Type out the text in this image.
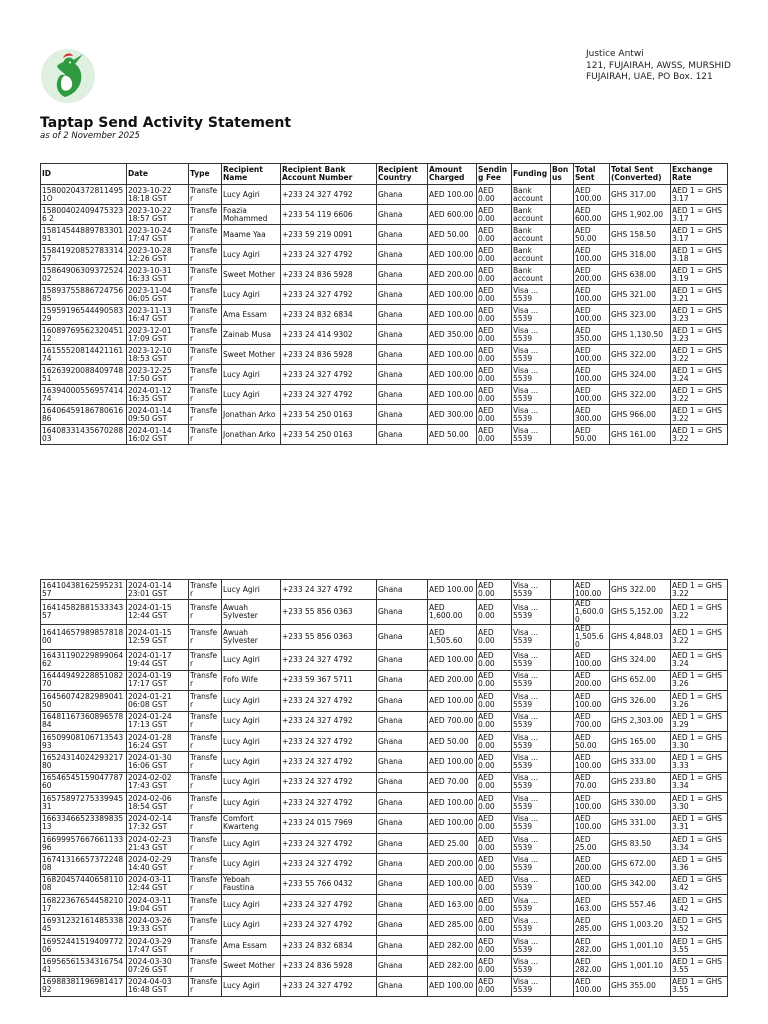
Justice Antwi
121, FUJAIRAH, AWSS, MURSHID
FUJAIRAH, UAE, PO Box. 121
Taptap Send Activity Statement
as of 2 November 2025
ID	Date	Type	Recipient Name	Recipient Bank Account Number	Recipient Country	Amount Charged	Sending Fee	Funding	Bonus	Total Sent	Total Sent (Converted)	Exchange Rate
158002043728114951O	2023-10-22 18:18 GST	Transfer	Lucy Agiri	+233 24 327 4792	Ghana	AED 100.00	AED 0.00	Bank account		AED 100.00	GHS 317.00	AED 1 = GHS 3.17
158004024094753236 2	2023-10-22 18:57 GST	Transfer	Foazia Mohammed	+233 54 119 6606	Ghana	AED 600.00	AED 0.00	Bank account		AED 600.00	GHS 1,902.00	AED 1 = GHS 3.17
1581454488978330191	2023-10-24 17:47 GST	Transfer	Maame Yaa	+233 59 219 0091	Ghana	AED 50.00	AED 0.00	Bank account		AED 50.00	GHS 158.50	AED 1 = GHS 3.17
1584192085278331457	2023-10-28 12:26 GST	Transfer	Lucy Agiri	+233 24 327 4792	Ghana	AED 100.00	AED 0.00	Bank account		AED 100.00	GHS 318.00	AED 1 = GHS 3.18
1586490630937252402	2023-10-31 16:33 GST	Transfer	Sweet Mother	+233 24 836 5928	Ghana	AED 200.00	AED 0.00	Bank account		AED 200.00	GHS 638.00	AED 1 = GHS 3.19
1589375588672475685	2023-11-04 06:05 GST	Transfer	Lucy Agiri	+233 24 327 4792	Ghana	AED 100.00	AED 0.00	Visa ... 5539		AED 100.00	GHS 321.00	AED 1 = GHS 3.21
1595919654449058329	2023-11-13 16:47 GST	Transfer	Ama Essam	+233 24 832 6834	Ghana	AED 100.00	AED 0.00	Visa ... 5539		AED 100.00	GHS 323.00	AED 1 = GHS 3.23
1608976956232045112	2023-12-01 17:09 GST	Transfer	Zainab Musa	+233 24 414 9302	Ghana	AED 350.00	AED 0.00	Visa ... 5539		AED 350.00	GHS 1,130.50	AED 1 = GHS 3.23
1615552081442116174	2023-12-10 18:53 GST	Transfer	Sweet Mother	+233 24 836 5928	Ghana	AED 100.00	AED 0.00	Visa ... 5539		AED 100.00	GHS 322.00	AED 1 = GHS 3.22
1626392008840974851	2023-12-25 17:50 GST	Transfer	Lucy Agiri	+233 24 327 4792	Ghana	AED 100.00	AED 0.00	Visa ... 5539		AED 100.00	GHS 324.00	AED 1 = GHS 3.24
1639400055695741474	2024-01-12 16:35 GST	Transfer	Lucy Agiri	+233 24 327 4792	Ghana	AED 100.00	AED 0.00	Visa ... 5539		AED 100.00	GHS 322.00	AED 1 = GHS 3.22
1640645918678061686	2024-01-14 09:50 GST	Transfer	Jonathan Arko	+233 54 250 0163	Ghana	AED 300.00	AED 0.00	Visa ... 5539		AED 300.00	GHS 966.00	AED 1 = GHS 3.22
1640833143567028803	2024-01-14 16:02 GST	Transfer	Jonathan Arko	+233 54 250 0163	Ghana	AED 50.00	AED 0.00	Visa ... 5539		AED 50.00	GHS 161.00	AED 1 = GHS 3.22
1641043816259523157	2024-01-14 23:01 GST	Transfer	Lucy Agiri	+233 24 327 4792	Ghana	AED 100.00	AED 0.00	Visa ... 5539		AED 100.00	GHS 322.00	AED 1 = GHS 3.22
1641458288153334357	2024-01-15 12:44 GST	Transfer	Awuah Sylvester	+233 55 856 0363	Ghana	AED 1,600.00	AED 0.00	Visa ... 5539		AED 1,600.00	GHS 5,152.00	AED 1 = GHS 3.22
1641465798985781800	2024-01-15 12:59 GST	Transfer	Awuah Sylvester	+233 55 856 0363	Ghana	AED 1,505.60	AED 0.00	Visa ... 5539		AED 1,505.60	GHS 4,848.03	AED 1 = GHS 3.22
1643119022989906462	2024-01-17 19:44 GST	Transfer	Lucy Agiri	+233 24 327 4792	Ghana	AED 100.00	AED 0.00	Visa ... 5539		AED 100.00	GHS 324.00	AED 1 = GHS 3.24
1644494922885108270	2024-01-19 17:17 GST	Transfer	Fofo Wife	+233 59 367 5711	Ghana	AED 200.00	AED 0.00	Visa ... 5539		AED 200.00	GHS 652.00	AED 1 = GHS 3.26
1645607428298904150	2024-01-21 06:08 GST	Transfer	Lucy Agiri	+233 24 327 4792	Ghana	AED 100.00	AED 0.00	Visa ... 5539		AED 100.00	GHS 326.00	AED 1 = GHS 3.26
1648116736089657884	2024-01-24 17:13 GST	Transfer	Lucy Agiri	+233 24 327 4792	Ghana	AED 700.00	AED 0.00	Visa ... 5539		AED 700.00	GHS 2,303.00	AED 1 = GHS 3.29
1650990810671354393	2024-01-28 16:24 GST	Transfer	Lucy Agiri	+233 24 327 4792	Ghana	AED 50.00	AED 0.00	Visa ... 5539		AED 50.00	GHS 165.00	AED 1 = GHS 3.30
1652431402429321780	2024-01-30 16:06 GST	Transfer	Lucy Agiri	+233 24 327 4792	Ghana	AED 100.00	AED 0.00	Visa ... 5539		AED 100.00	GHS 333.00	AED 1 = GHS 3.33
1654654515904778760	2024-02-02 17:43 GST	Transfer	Lucy Agiri	+233 24 327 4792	Ghana	AED 70.00	AED 0.00	Visa ... 5539		AED 70.00	GHS 233.80	AED 1 = GHS 3.34
1657589727533994531	2024-02-06 18:54 GST	Transfer	Lucy Agiri	+233 24 327 4792	Ghana	AED 100.00	AED 0.00	Visa ... 5539		AED 100.00	GHS 330.00	AED 1 = GHS 3.30
1663346652338983513	2024-02-14 17:32 GST	Transfer	Comfort Kwarteng	+233 24 015 7969	Ghana	AED 100.00	AED 0.00	Visa ... 5539		AED 100.00	GHS 331.00	AED 1 = GHS 3.31
1669995766766113396	2024-02-23 21:43 GST	Transfer	Lucy Agiri	+233 24 327 4792	Ghana	AED 25.00	AED 0.00	Visa ... 5539		AED 25.00	GHS 83.50	AED 1 = GHS 3.34
1674131665737224808	2024-02-29 14:40 GST	Transfer	Lucy Agiri	+233 24 327 4792	Ghana	AED 200.00	AED 0.00	Visa ... 5539		AED 200.00	GHS 672.00	AED 1 = GHS 3.36
1682045744065811008	2024-03-11 12:44 GST	Transfer	Yeboah Faustina	+233 55 766 0432	Ghana	AED 100.00	AED 0.00	Visa ... 5539		AED 100.00	GHS 342.00	AED 1 = GHS 3.42
1682236765445821017	2024-03-11 19:04 GST	Transfer	Lucy Agiri	+233 24 327 4792	Ghana	AED 163.00	AED 0.00	Visa ... 5539		AED 163.00	GHS 557.46	AED 1 = GHS 3.42
1693123216148533845	2024-03-26 19:33 GST	Transfer	Lucy Agiri	+233 24 327 4792	Ghana	AED 285.00	AED 0.00	Visa ... 5539		AED 285.00	GHS 1,003.20	AED 1 = GHS 3.52
1695244151940977206	2024-03-29 17:47 GST	Transfer	Ama Essam	+233 24 832 6834	Ghana	AED 282.00	AED 0.00	Visa ... 5539		AED 282.00	GHS 1,001.10	AED 1 = GHS 3.55
1695656153431675441	2024-03-30 07:26 GST	Transfer	Sweet Mother	+233 24 836 5928	Ghana	AED 282.00	AED 0.00	Visa ... 5539		AED 282.00	GHS 1,001.10	AED 1 = GHS 3.55
1698838119698141792	2024-04-03 16:48 GST	Transfer	Lucy Agiri	+233 24 327 4792	Ghana	AED 100.00	AED 0.00	Visa ... 5539		AED 100.00	GHS 355.00	AED 1 = GHS 3.55
